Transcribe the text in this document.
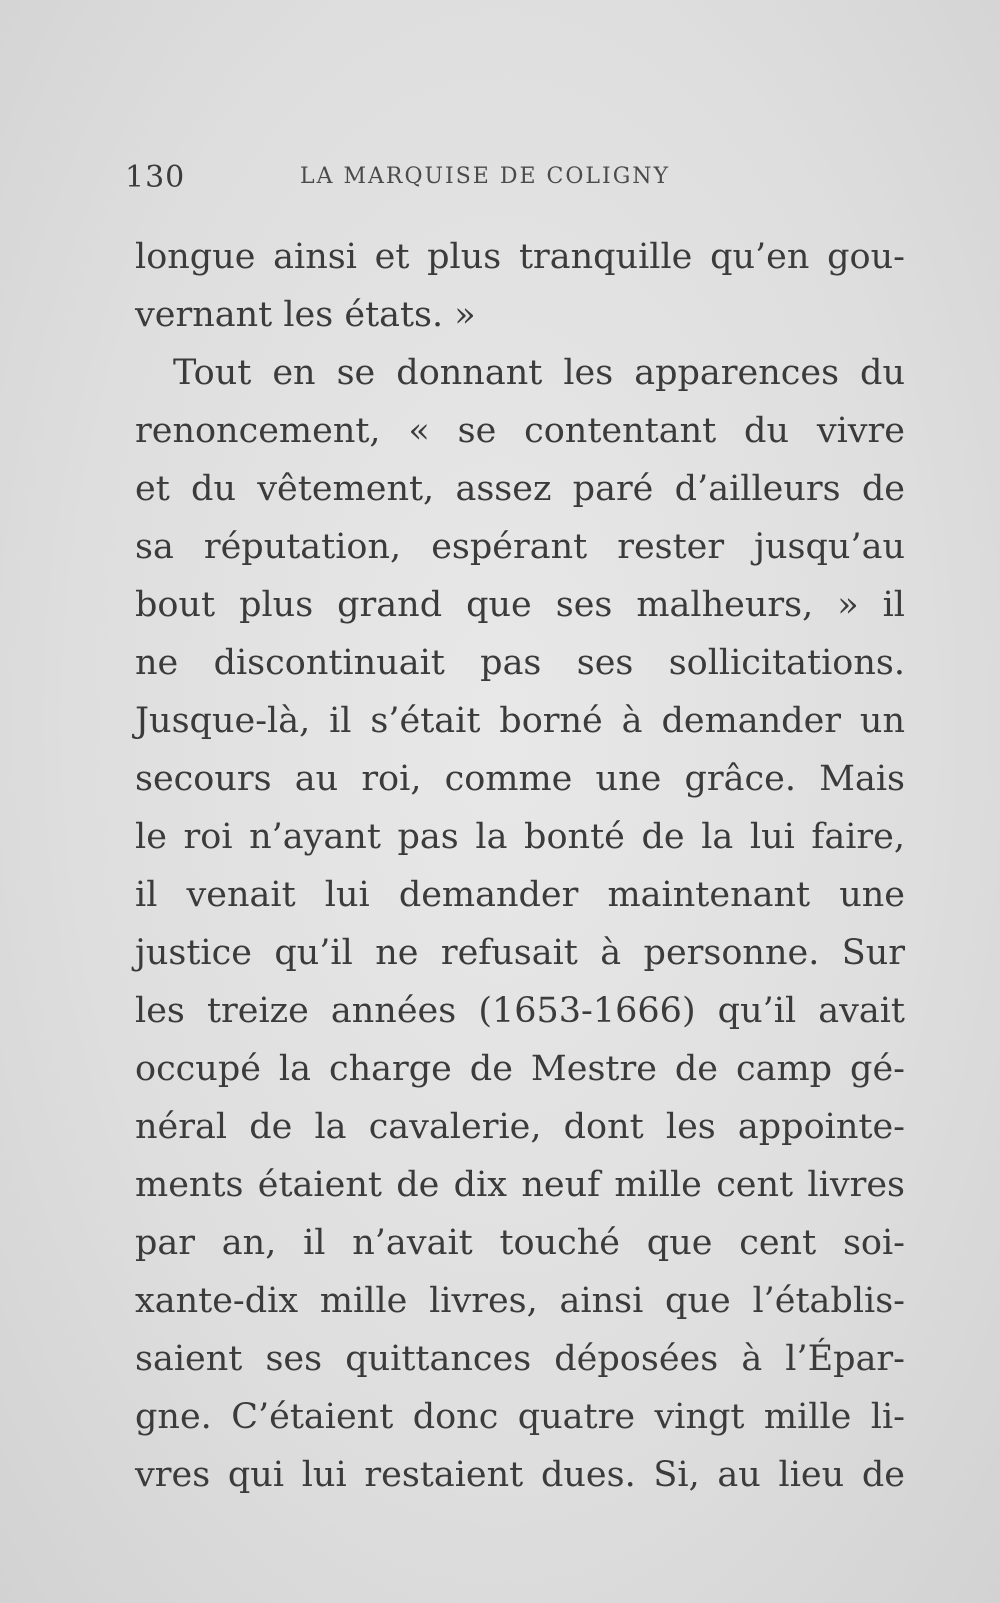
130	LA MARQUISE DE COLIGNY
longue ainsi et plus tranquille qu’en gou-
vernant les états. »
Tout en se donnant les apparences du
renoncement, « se contentant du vivre
et du vêtement, assez paré d’ailleurs de
sa réputation, espérant rester jusqu’au
bout plus grand que ses malheurs, » il
ne discontinuait pas ses sollicitations.
Jusque-là, il s’était borné à demander un
secours au roi, comme une grâce. Mais
le roi n’ayant pas la bonté de la lui faire,
il venait lui demander maintenant une
justice qu’il ne refusait à personne. Sur
les treize années (1653-1666) qu’il avait
occupé la charge de Mestre de camp gé-
néral de la cavalerie, dont les appointe-
ments étaient de dix neuf mille cent livres
par an, il n’avait touché que cent soi-
xante-dix mille livres, ainsi que l’établis-
saient ses quittances déposées à l’Épar-
gne. C’étaient donc quatre vingt mille li-
vres qui lui restaient dues. Si, au lieu de
